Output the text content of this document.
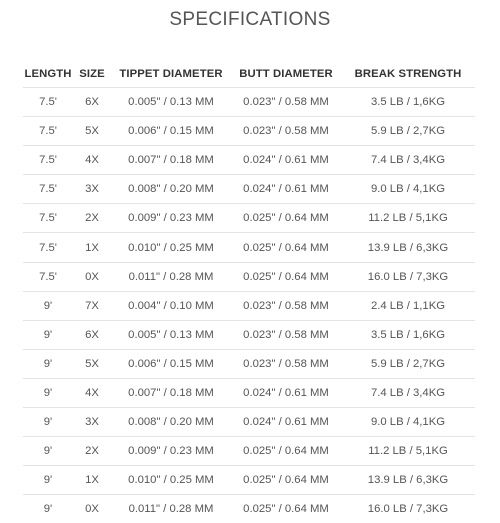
SPECIFICATIONS
LENGTH	SIZE	TIPPET DIAMETER	BUTT DIAMETER	BREAK STRENGTH
7.5'	6X	0.005" / 0.13 MM	0.023" / 0.58 MM	3.5 LB / 1,6KG
7.5'	5X	0.006" / 0.15 MM	0.023" / 0.58 MM	5.9 LB / 2,7KG
7.5'	4X	0.007" / 0.18 MM	0.024" / 0.61 MM	7.4 LB / 3,4KG
7.5'	3X	0.008" / 0.20 MM	0.024" / 0.61 MM	9.0 LB / 4,1KG
7.5'	2X	0.009" / 0.23 MM	0.025" / 0.64 MM	11.2 LB / 5,1KG
7.5'	1X	0.010" / 0.25 MM	0.025" / 0.64 MM	13.9 LB / 6,3KG
7.5'	0X	0.011" / 0.28 MM	0.025" / 0.64 MM	16.0 LB / 7,3KG
9'	7X	0.004" / 0.10 MM	0.023" / 0.58 MM	2.4 LB / 1,1KG
9'	6X	0.005" / 0.13 MM	0.023" / 0.58 MM	3.5 LB / 1,6KG
9'	5X	0.006" / 0.15 MM	0.023" / 0.58 MM	5.9 LB / 2,7KG
9'	4X	0.007" / 0.18 MM	0.024" / 0.61 MM	7.4 LB / 3,4KG
9'	3X	0.008" / 0.20 MM	0.024" / 0.61 MM	9.0 LB / 4,1KG
9'	2X	0.009" / 0.23 MM	0.025" / 0.64 MM	11.2 LB / 5,1KG
9'	1X	0.010" / 0.25 MM	0.025" / 0.64 MM	13.9 LB / 6,3KG
9'	0X	0.011" / 0.28 MM	0.025" / 0.64 MM	16.0 LB / 7,3KG
